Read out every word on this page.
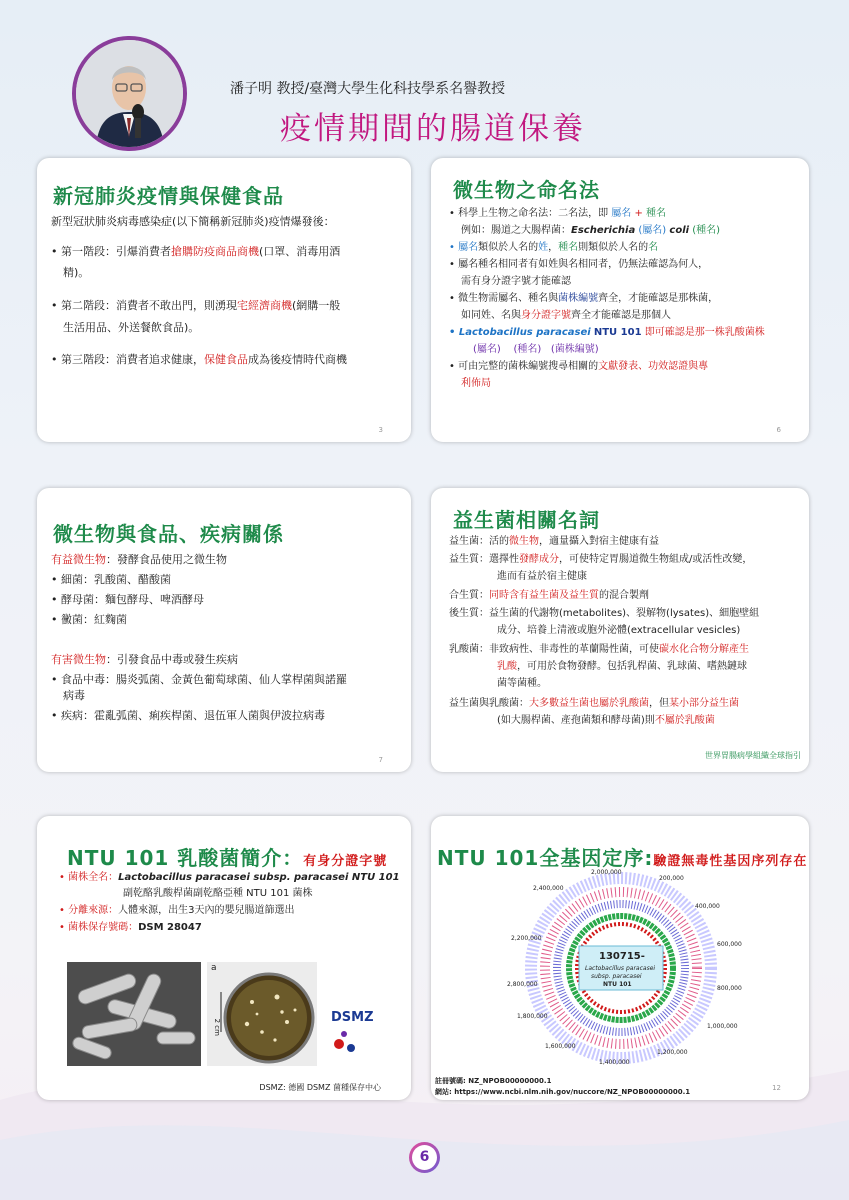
潘子明 教授/臺灣大學生化科技學系名譽教授
疫情期間的腸道保養
新冠肺炎疫情與保健食品
新型冠狀肺炎病毒感染症(以下簡稱新冠肺炎)疫情爆發後：
• 第一階段：引爆消費者搶購防疫商品商機(口罩、消毒用酒
精)。
• 第二階段：消費者不敢出門，則湧現宅經濟商機(網購一般
生活用品、外送餐飲食品)。
• 第三階段：消費者追求健康，保健食品成為後疫情時代商機
3
微生物之命名法
• 科學上生物之命名法：二名法，即 屬名 + 種名
例如：腸道之大腸桿菌：Escherichia (屬名) coli (種名)
• 屬名類似於人名的姓，種名則類似於人名的名
• 屬名種名相同者有如姓與名相同者，仍無法確認為何人，
需有身分證字號才能確認
• 微生物需屬名、種名與菌株編號齊全，才能確認是那株菌，
如同姓、名與身分證字號齊全才能確認是那個人
• Lactobacillus paracasei NTU 101 即可確認是那一株乳酸菌株
(屬名) (種名) (菌株編號)
• 可由完整的菌株編號搜尋相關的文獻發表、功效認證與專
利佈局
6
微生物與食品、疾病關係
有益微生物：發酵食品使用之微生物
• 細菌：乳酸菌、醋酸菌
• 酵母菌：麵包酵母、啤酒酵母
• 黴菌：紅麴菌
有害微生物：引發食品中毒或發生疾病
• 食品中毒：腸炎弧菌、金黃色葡萄球菌、仙人掌桿菌與諾羅
病毒
• 疾病：霍亂弧菌、痢疾桿菌、退伍軍人菌與伊波拉病毒
7
益生菌相關名詞
益生菌：活的微生物，適量攝入對宿主健康有益
益生質：選擇性發酵成分，可使特定胃腸道微生物組成/或活性改變，
進而有益於宿主健康
合生質：同時含有益生菌及益生質的混合製劑
後生質：益生菌的代謝物(metabolites)、裂解物(lysates)、細胞壁組
成分、培養上清液或胞外泌體(extracellular vesicles)
乳酸菌：非致病性、非毒性的革蘭陽性菌，可使碳水化合物分解產生
乳酸，可用於食物發酵。包括乳桿菌、乳球菌、嗜熱鏈球
菌等菌種。
益生菌與乳酸菌：大多數益生菌也屬於乳酸菌，但某小部分益生菌
(如大腸桿菌、產孢菌類和酵母菌)則不屬於乳酸菌
世界胃腸病學組織全球指引
NTU 101 乳酸菌簡介：有身分證字號
• 菌株全名：Lactobacillus paracasei subsp. paracasei NTU 101
副乾酪乳酸桿菌副乾酪亞種 NTU 101 菌株
• 分離來源：人體來源，出生3天內的嬰兒腸道篩選出
• 菌株保存號碼：DSM 28047
a
2 cm
DSMZ
DSMZ: 德國 DSMZ 菌種保存中心
NTU 101全基因定序:驗證無毒性基因序列存在
130715-
Lactobacillus paracasei
subsp. paracasei
NTU 101
2,000,000
200,000
2,400,000
400,000
2,200,000
600,000
2,800,000
800,000
1,800,000
1,000,000
1,600,000
1,200,000
1,400,000
註冊號碼: NZ_NPOB00000000.1
網站: https://www.ncbi.nlm.nih.gov/nuccore/NZ_NPOB00000000.1	12
6
